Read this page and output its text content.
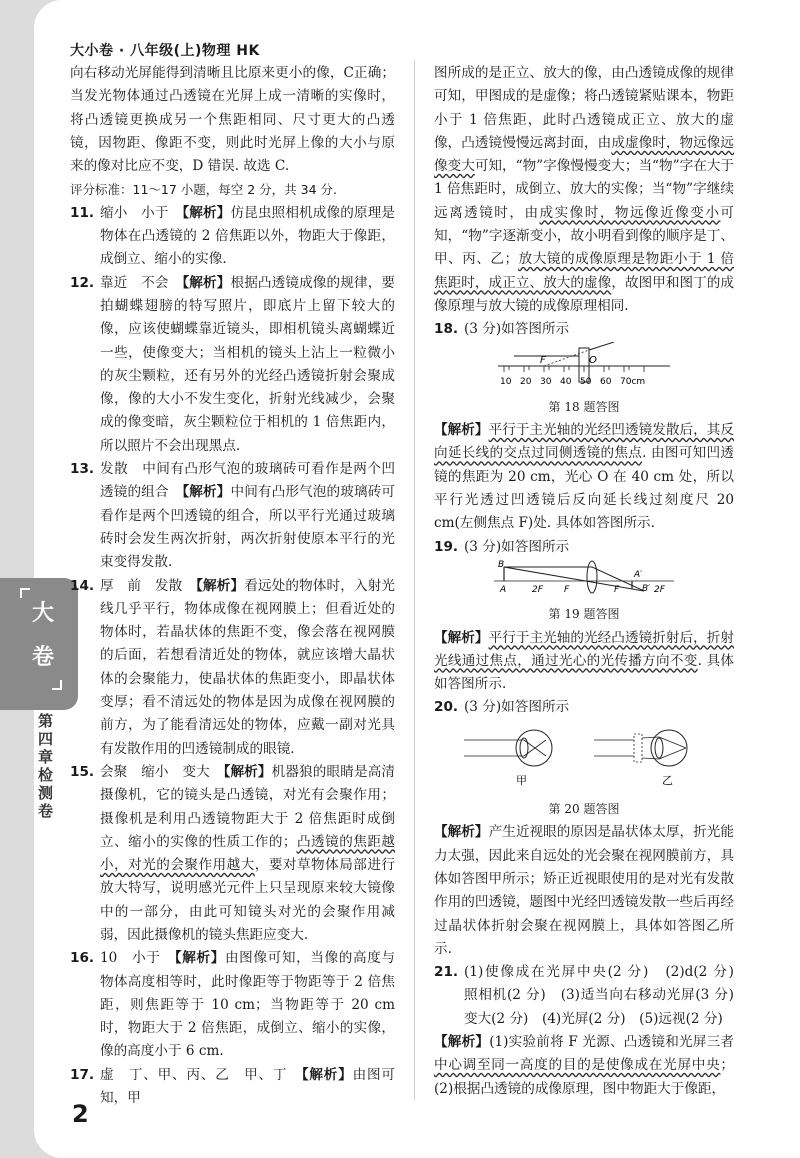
大小卷 · 八年级(上)物理 HK
大
卷
第
四
章
检
测
卷

2

向右移动光屏能得到清晰且比原来更小的像，C正确；当发光物体通过凸透镜在光屏上成一清晰的实像时，将凸透镜更换成另一个焦距相同、尺寸更大的凸透镜，因物距、像距不变，则此时光屏上像的大小与原来的像对比应不变，D 错误. 故选 C.

评分标准：11～17 小题，每空 2 分，共 34 分.

11. 缩小　小于　 【解析】仿昆虫照相机成像的原理是物体在凸透镜的 2 倍焦距以外，物距大于像距，成倒立、缩小的实像.

12. 靠近　不会　 【解析】根据凸透镜成像的规律，要拍蝴蝶翅膀的特写照片，即底片上留下较大的像，应该使蝴蝶靠近镜头，即相机镜头离蝴蝶近一些，使像变大；当相机的镜头上沾上一粒微小的灰尘颗粒，还有另外的光经凸透镜折射会聚成像，像的大小不发生变化，折射光线减少，会聚成的像变暗，灰尘颗粒位于相机的 1 倍焦距内，所以照片不会出现黑点.

13. 发散　中间有凸形气泡的玻璃砖可看作是两个凹透镜的组合　 【解析】中间有凸形气泡的玻璃砖可看作是两个凹透镜的组合，所以平行光通过玻璃砖时会发生两次折射，两次折射使原本平行的光束变得发散.

14. 厚　前　发散　 【解析】看远处的物体时，入射光线几乎平行，物体成像在视网膜上；但看近处的物体时，若晶状体的焦距不变，像会落在视网膜的后面，若想看清近处的物体，就应该增大晶状体的会聚能力，使晶状体的焦距变小，即晶状体变厚；看不清远处的物体是因为成像在视网膜的前方，为了能看清远处的物体，应戴一副对光具有发散作用的凹透镜制成的眼镜.

15. 会聚　缩小　变大　 【解析】机器狼的眼睛是高清摄像机，它的镜头是凸透镜，对光有会聚作用；摄像机是利用凸透镜物距大于 2 倍焦距时成倒立、缩小的实像的性质工作的；凸透镜的焦距越小，对光的会聚作用越大，要对草物体局部进行放大特写，说明感光元件上只呈现原来较大镜像中的一部分，由此可知镜头对光的会聚作用减弱，因此摄像机的镜头焦距应变大.

16. 10　小于　 【解析】由图像可知，当像的高度与物体高度相等时，此时像距等于物距等于 2 倍焦距，则焦距等于 10 cm；当物距等于 20 cm 时，物距大于 2 倍焦距，成倒立、缩小的实像，像的高度小于 6 cm.

17. 虚　丁、甲、丙、乙　甲、丁　 【解析】由图可知，甲

图所成的是正立、放大的像，由凸透镜成像的规律可知，甲图成的是虚像；将凸透镜紧贴课本，物距小于 1 倍焦距，此时凸透镜成正立、放大的虚像，凸透镜慢慢远离封面，由成虚像时，物远像远像变大可知，“物”字像慢慢变大；当“物”字在大于 1 倍焦距时，成倒立、放大的实像；当“物”字继续远离透镜时，由成实像时，物远像近像变小可知，“物”字逐渐变小，故小明看到像的顺序是丁、甲、丙、乙；放大镜的成像原理是物距小于 1 倍焦距时，成正立、放大的虚像，故图甲和图丁的成像原理与放大镜的成像原理相同.

18. (3 分)如答图所示

F	O
10 20 30 40 50 60 70cm
第 18 题答图

【解析】平行于主光轴的光经凹透镜发散后，其反向延长线的交点过同侧透镜的焦点. 由图可知凹透镜的焦距为 20 cm，光心 O 在 40 cm 处，所以平行光透过凹透镜后反向延长线过刻度尺 20 cm(左侧焦点 F)处. 具体如答图所示.

19. (3 分)如答图所示

B
A	2F F	F
A′
B′ 2F
第 19 题答图

【解析】平行于主光轴的光经凸透镜折射后，折射光线通过焦点，通过光心的光传播方向不变. 具体如答图所示.

20. (3 分)如答图所示

甲	乙
第 20 题答图

【解析】产生近视眼的原因是晶状体太厚，折光能力太强，因此来自远处的光会聚在视网膜前方，具体如答图甲所示；矫正近视眼使用的是对光有发散作用的凹透镜，题图中光经凹透镜发散一些后再经过晶状体折射会聚在视网膜上，具体如答图乙所示.

21. (1)使像成在光屏中央(2 分)　(2)d(2 分)　照相机(2 分)　(3)适当向右移动光屏(3 分)　变大(2 分)　(4)光屏(2 分)　(5)远视(2 分)

【解析】(1)实验前将 F 光源、凸透镜和光屏三者中心调至同一高度的目的是使像成在光屏中央；(2)根据凸透镜的成像原理，图中物距大于像距，
